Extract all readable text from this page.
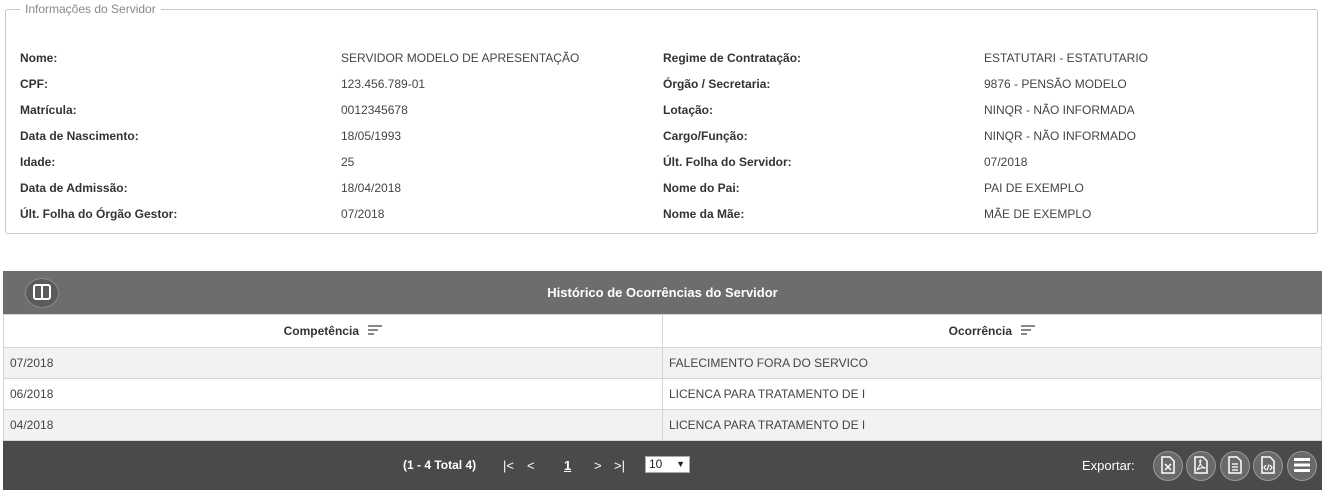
Informações do Servidor
Nome:	SERVIDOR MODELO DE APRESENTAÇÃO	Regime de Contratação:	ESTATUTARI - ESTATUTARIO
CPF:	123.456.789-01	Órgão / Secretaria:	9876 - PENSÃO MODELO
Matrícula:	0012345678	Lotação:	NINQR - NÃO INFORMADA
Data de Nascimento:	18/05/1993	Cargo/Função:	NINQR - NÃO INFORMADO
Idade:	25	Últ. Folha do Servidor:	07/2018
Data de Admissão:	18/04/2018	Nome do Pai:	PAI DE EXEMPLO
Últ. Folha do Órgão Gestor:	07/2018	Nome da Mãe:	MÃE DE EXEMPLO
Histórico de Ocorrências do Servidor
Competência	Ocorrência
07/2018	FALECIMENTO FORA DO SERVICO
06/2018	LICENCA PARA TRATAMENTO DE I
04/2018	LICENCA PARA TRATAMENTO DE I
(1 - 4 Total 4) |< < 1 > >|	10 ▼	Exportar:
